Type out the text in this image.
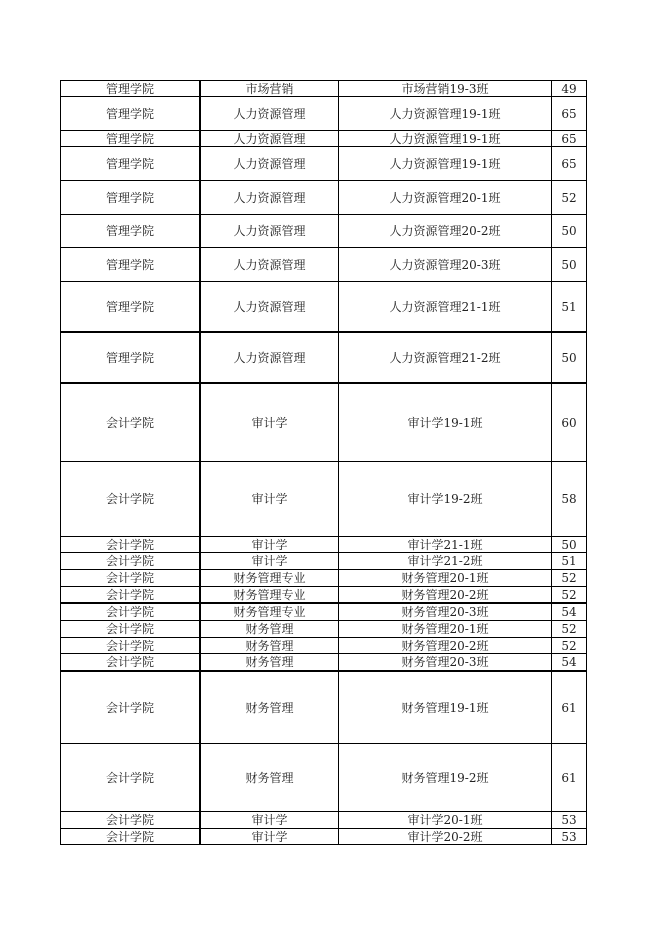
管理学院	市场营销	市场营销19-3班	49
管理学院	人力资源管理	人力资源管理19-1班	65
管理学院	人力资源管理	人力资源管理19-1班	65
管理学院	人力资源管理	人力资源管理19-1班	65
管理学院	人力资源管理	人力资源管理20-1班	52
管理学院	人力资源管理	人力资源管理20-2班	50
管理学院	人力资源管理	人力资源管理20-3班	50
管理学院	人力资源管理	人力资源管理21-1班	51
管理学院	人力资源管理	人力资源管理21-2班	50
会计学院	审计学	审计学19-1班	60
会计学院	审计学	审计学19-2班	58
会计学院	审计学	审计学21-1班	50
会计学院	审计学	审计学21-2班	51
会计学院	财务管理专业	财务管理20-1班	52
会计学院	财务管理专业	财务管理20-2班	52
会计学院	财务管理专业	财务管理20-3班	54
会计学院	财务管理	财务管理20-1班	52
会计学院	财务管理	财务管理20-2班	52
会计学院	财务管理	财务管理20-3班	54
会计学院	财务管理	财务管理19-1班	61
会计学院	财务管理	财务管理19-2班	61
会计学院	审计学	审计学20-1班	53
会计学院	审计学	审计学20-2班	53
